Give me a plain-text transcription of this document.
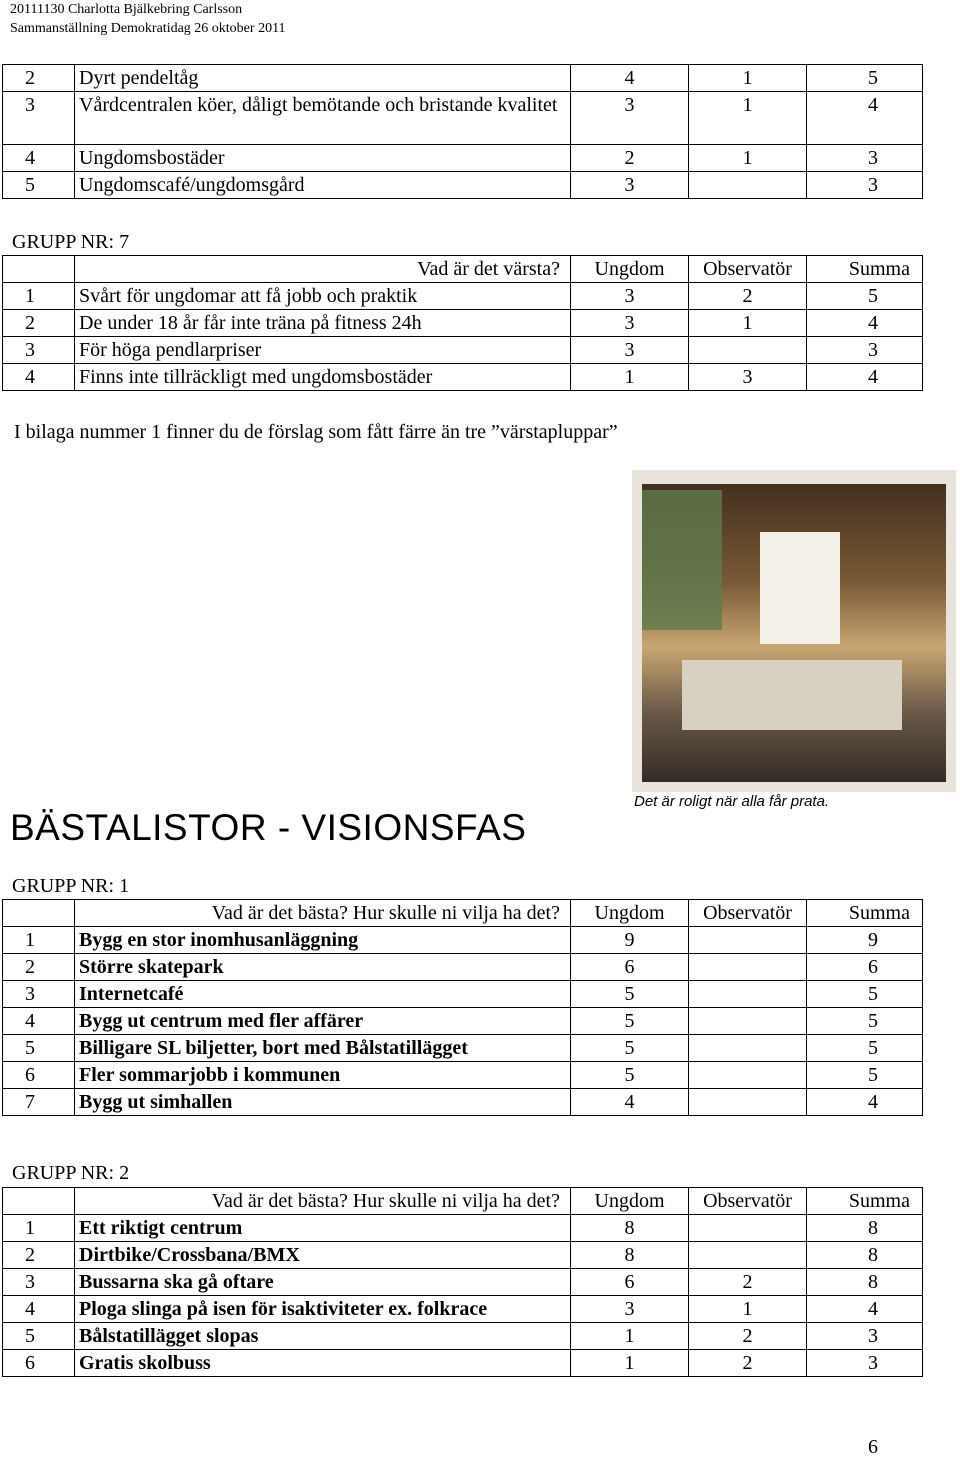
20111130 Charlotta Bjälkebring Carlsson
Sammanställning Demokratidag 26 oktober 2011
2	Dyrt pendeltåg	4	1	5
3	Vårdcentralen köer, dåligt bemötande och bristande kvalitet	3	1	4
4	Ungdomsbostäder	2	1	3
5	Ungdomscafé/ungdomsgård	3		3
GRUPP NR: 7
	Vad är det värsta?	Ungdom	Observatör	Summa
1	Svårt för ungdomar att få jobb och praktik	3	2	5
2	De under 18 år får inte träna på fitness 24h	3	1	4
3	För höga pendlarpriser	3		3
4	Finns inte tillräckligt med ungdomsbostäder	1	3	4
I bilaga nummer 1 finner du de förslag som fått färre än tre ”värstapluppar”
Det är roligt när alla får prata.
BÄSTALISTOR - VISIONSFAS
GRUPP NR: 1
	Vad är det bästa? Hur skulle ni vilja ha det?	Ungdom	Observatör	Summa
1	Bygg en stor inomhusanläggning	9		9
2	Större skatepark	6		6
3	Internetcafé	5		5
4	Bygg ut centrum med fler affärer	5		5
5	Billigare SL biljetter, bort med Bålstatillägget	5		5
6	Fler sommarjobb i kommunen	5		5
7	Bygg ut simhallen	4		4
GRUPP NR: 2
	Vad är det bästa? Hur skulle ni vilja ha det?	Ungdom	Observatör	Summa
1	Ett riktigt centrum	8		8
2	Dirtbike/Crossbana/BMX	8		8
3	Bussarna ska gå oftare	6	2	8
4	Ploga slinga på isen för isaktiviteter ex. folkrace	3	1	4
5	Bålstatillägget slopas	1	2	3
6	Gratis skolbuss	1	2	3
6
